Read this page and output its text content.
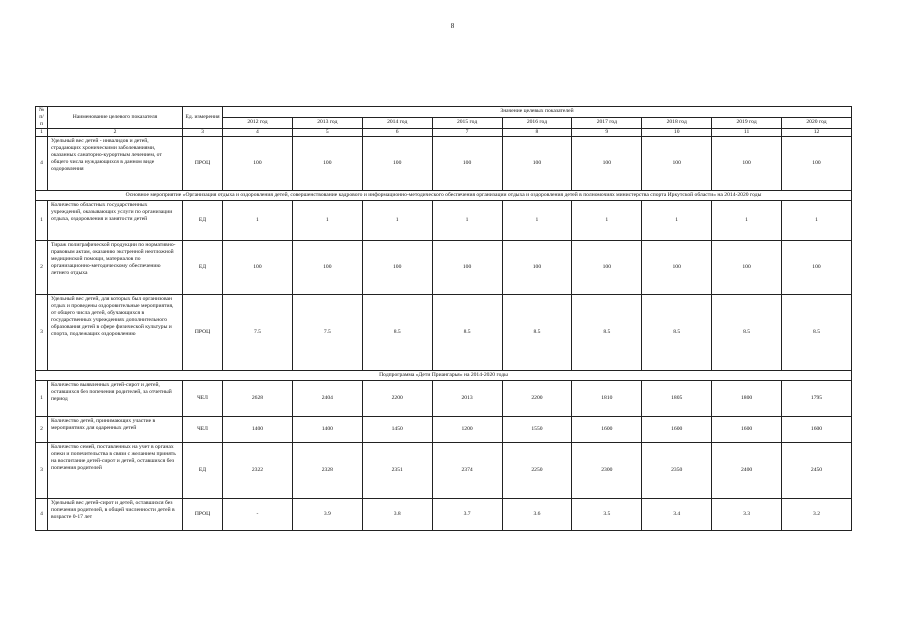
8
№ п/п	Наименование целевого показателя	Ед. измерения	Значение целевых показателей								
			2012 год	2013 год	2014 год	2015 год	2016 год	2017 год	2018 год	2019 год	2020 год
1	2	3	4	5	6	7	8	9	10	11	12
4	Удельный вес детей - инвалидов и детей, страдающих хроническими заболеваниями, оказанных санаторно-курортным лечением, от общего числа нуждающихся в данном виде оздоровления	ПРОЦ	100	100	100	100	100	100	100	100	100
Основное мероприятие «Организация отдыха и оздоровления детей, совершенствование кадрового и информационно-методического обеспечения организации отдыха и оздоровления детей в полномочиях министерства спорта Иркутской области» на 2014-2020 годы											
1	Количество областных государственных учреждений, оказывающих услуги по организации отдыха, оздоровления и занятости детей	ЕД	1	1	1	1	1	1	1	1	1
2	Тираж полиграфической продукции по нормативно-правовым актам, оказанию экстренной неотложной медицинской помощи, материалов по организационно-методическому обеспечению летнего отдыха	ЕД	100	100	100	100	100	100	100	100	100
3	Удельный вес детей, для которых был организован отдых и проведены оздоровительные мероприятия, от общего числа детей, обучающихся в государственных учреждениях дополнительного образования детей в сфере физической культуры и спорта, подлежащих оздоровлению	ПРОЦ	7.5	7.5	8.5	8.5	8.5	8.5	8.5	8.5	8.5
Подпрограмма «Дети Приангарья» на 2014-2020 годы											
1	Количество выявленных детей-сирот и детей, оставшихся без попечения родителей, за отчетный период	ЧЕЛ	2628	2404	2200	2013	2200	1810	1805	1800	1795
2	Количество детей, принимающих участие в мероприятиях для одаренных детей	ЧЕЛ	1400	1400	1450	1200	1550	1600	1600	1600	1600
3	Количество семей, поставленных на учет в органах опеки и попечительства в связи с желанием принять на воспитание детей-сирот и детей, оставшихся без попечения родителей	ЕД	2322	2328	2351	2374	2250	2300	2350	2400	2450
4	Удельный вес детей-сирот и детей, оставшихся без попечения родителей, в общей численности детей в возрасте 0-17 лет	ПРОЦ	-	3.9	3.8	3.7	3.6	3.5	3.4	3.3	3.2
